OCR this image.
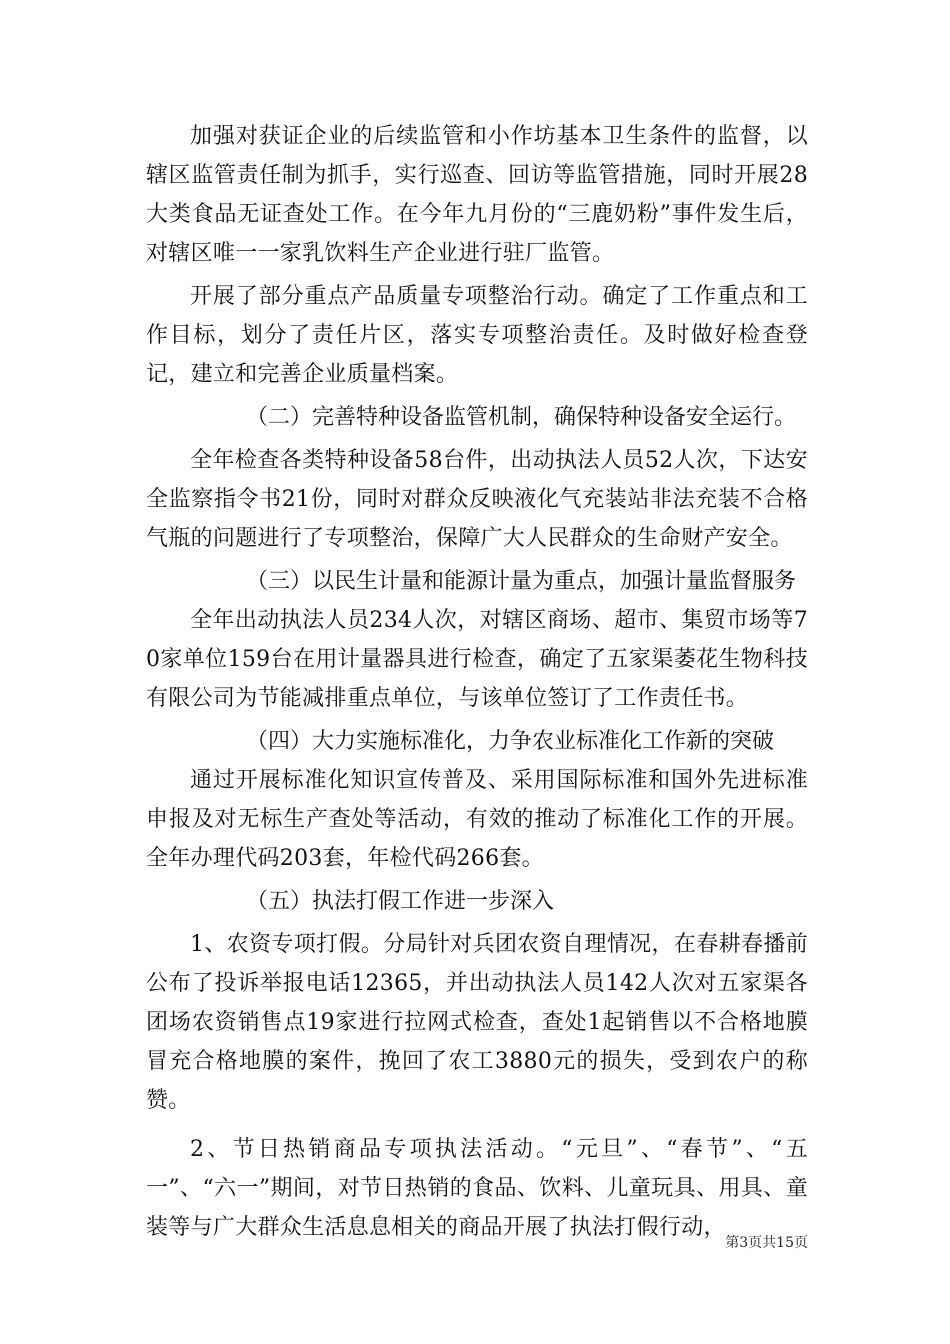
加强对获证企业的后续监管和小作坊基本卫生条件的监督，以辖区监管责任制为抓手，实行巡查、回访等监管措施，同时开展28大类食品无证查处工作。在今年九月份的“三鹿奶粉”事件发生后，对辖区唯一一家乳饮料生产企业进行驻厂监管。

开展了部分重点产品质量专项整治行动。确定了工作重点和工作目标，划分了责任片区，落实专项整治责任。及时做好检查登记，建立和完善企业质量档案。

（二）完善特种设备监管机制，确保特种设备安全运行。

全年检查各类特种设备58台件，出动执法人员52人次，下达安全监察指令书21份，同时对群众反映液化气充装站非法充装不合格气瓶的问题进行了专项整治，保障广大人民群众的生命财产安全。

（三）以民生计量和能源计量为重点，加强计量监督服务

全年出动执法人员234人次，对辖区商场、超市、集贸市场等70家单位159台在用计量器具进行检查，确定了五家渠萎花生物科技有限公司为节能减排重点单位，与该单位签订了工作责任书。

（四）大力实施标准化，力争农业标准化工作新的突破

通过开展标准化知识宣传普及、采用国际标准和国外先进标准申报及对无标生产查处等活动，有效的推动了标准化工作的开展。全年办理代码203套，年检代码266套。

（五）执法打假工作进一步深入

1、农资专项打假。分局针对兵团农资自理情况，在春耕春播前公布了投诉举报电话12365，并出动执法人员142人次对五家渠各团场农资销售点19家进行拉网式检查，查处1起销售以不合格地膜冒充合格地膜的案件，挽回了农工3880元的损失，受到农户的称赞。

2、节日热销商品专项执法活动。“元旦”、“春节”、“五一”、“六一”期间，对节日热销的食品、饮料、儿童玩具、用具、童装等与广大群众生活息息相关的商品开展了执法打假行动，

第3页共15页
